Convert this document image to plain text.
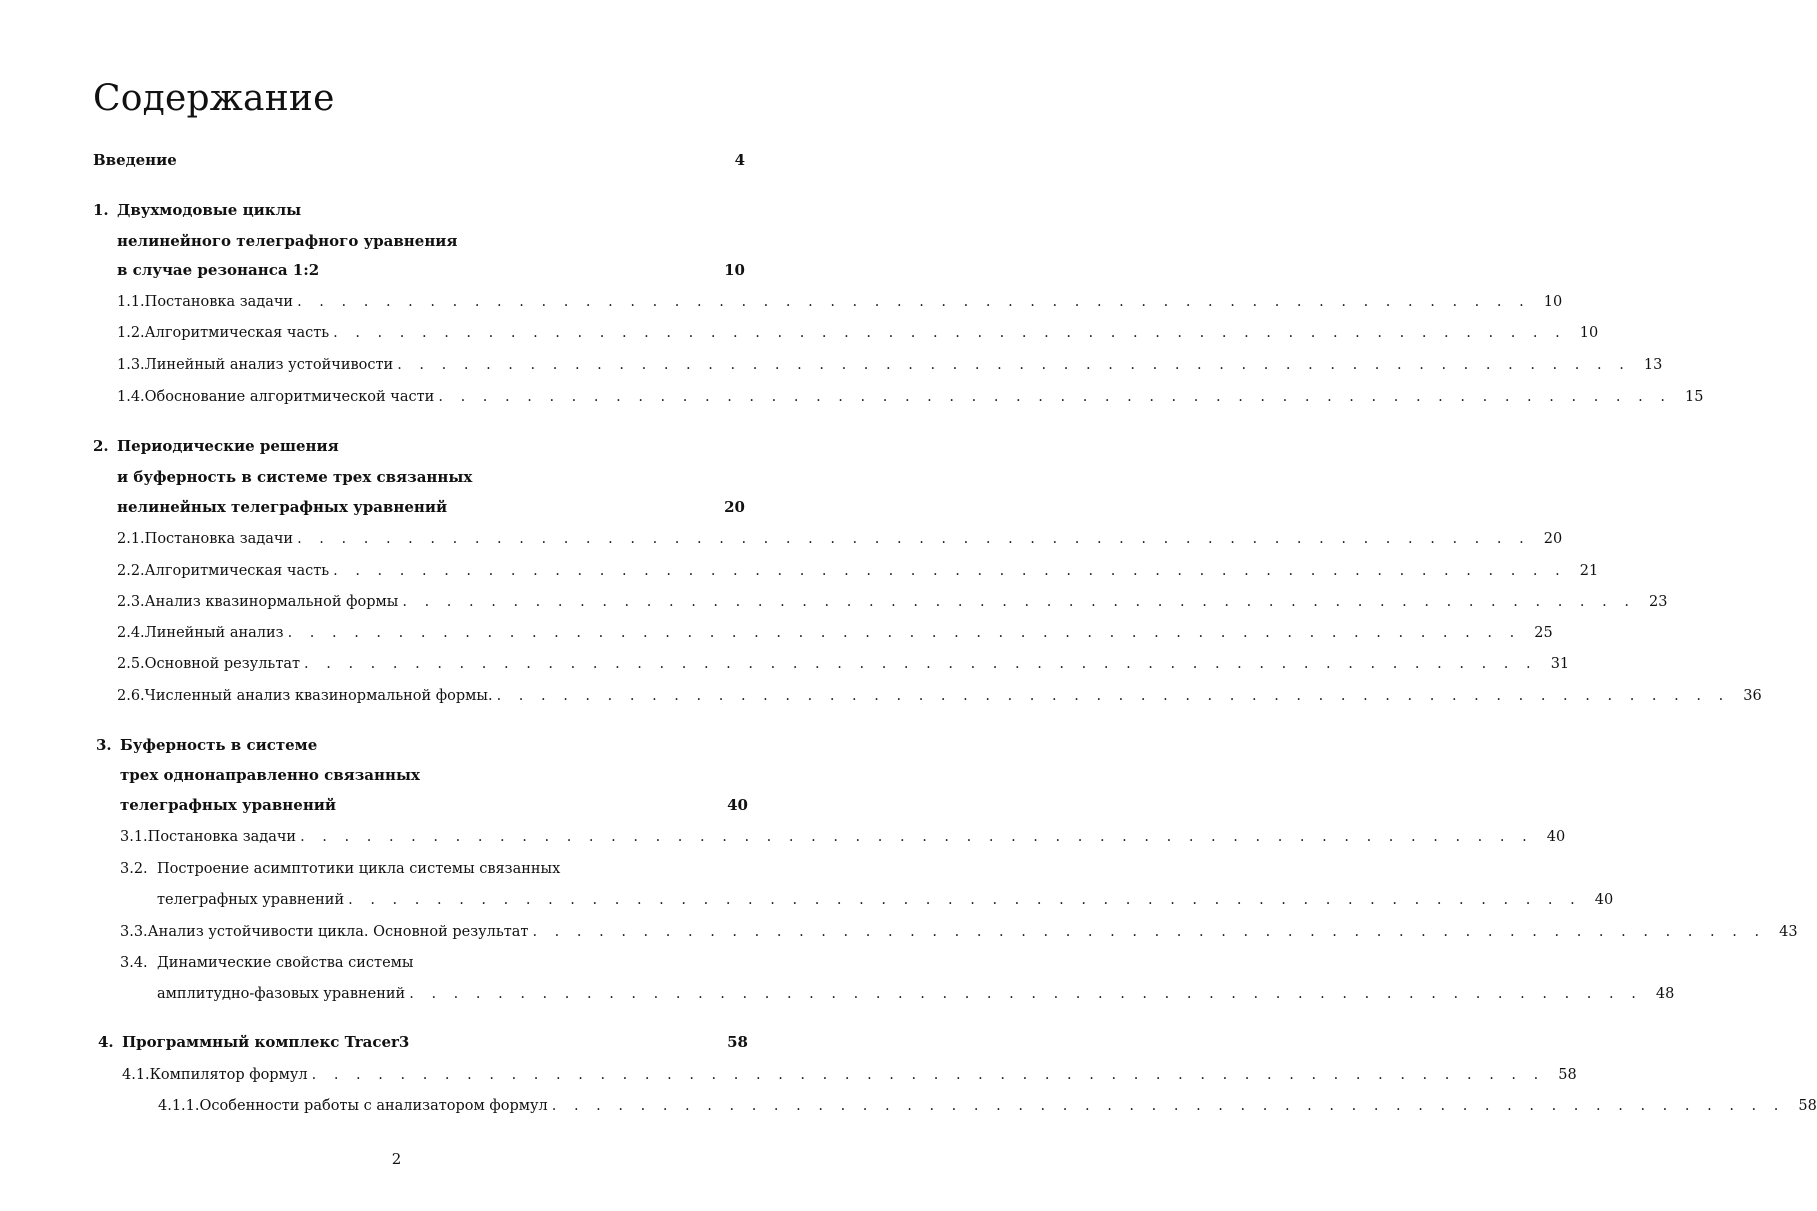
Содержание
Введение	4
1. Двухмодовые циклы
нелинейного телеграфного уравнения
в случае резонанса 1:2	10
1.1. Постановка задачи . . . . . . . . . . . . . . . . . . . . . . . . . . . . . . . . . . . . . . . . . . . . . . . . . . . . . . . . 10
1.2. Алгоритмическая часть . . . . . . . . . . . . . . . . . . . . . . . . . . . . . . . . . . . . . . . . . . . . . . . . . . . . . . . . 10
1.3. Линейный анализ устойчивости . . . . . . . . . . . . . . . . . . . . . . . . . . . . . . . . . . . . . . . . . . . . . . . . . . . . . . . . 13
1.4. Обоснование алгоритмической части . . . . . . . . . . . . . . . . . . . . . . . . . . . . . . . . . . . . . . . . . . . . . . . . . . . . . . . . 15
2. Периодические решения
и буферность в системе трех связанных
нелинейных телеграфных уравнений	20
2.1. Постановка задачи . . . . . . . . . . . . . . . . . . . . . . . . . . . . . . . . . . . . . . . . . . . . . . . . . . . . . . . . 20
2.2. Алгоритмическая часть . . . . . . . . . . . . . . . . . . . . . . . . . . . . . . . . . . . . . . . . . . . . . . . . . . . . . . . . 21
2.3. Анализ квазинормальной формы . . . . . . . . . . . . . . . . . . . . . . . . . . . . . . . . . . . . . . . . . . . . . . . . . . . . . . . . 23
2.4. Линейный анализ . . . . . . . . . . . . . . . . . . . . . . . . . . . . . . . . . . . . . . . . . . . . . . . . . . . . . . . . 25
2.5. Основной результат . . . . . . . . . . . . . . . . . . . . . . . . . . . . . . . . . . . . . . . . . . . . . . . . . . . . . . . . 31
2.6. Численный анализ квазинормальной формы. . . . . . . . . . . . . . . . . . . . . . . . . . . . . . . . . . . . . . . . . . . . . . . . . . . . . . . . . 36
3. Буферность в системе
трех однонаправленно связанных
телеграфных уравнений	40
3.1. Постановка задачи . . . . . . . . . . . . . . . . . . . . . . . . . . . . . . . . . . . . . . . . . . . . . . . . . . . . . . . . 40
3.2. Построение асимптотики цикла системы связанных
телеграфных уравнений . . . . . . . . . . . . . . . . . . . . . . . . . . . . . . . . . . . . . . . . . . . . . . . . . . . . . . . . 40
3.3. Анализ устойчивости цикла. Основной результат . . . . . . . . . . . . . . . . . . . . . . . . . . . . . . . . . . . . . . . . . . . . . . . . . . . . . . . . 43
3.4. Динамические свойства системы
амплитудно-фазовых уравнений . . . . . . . . . . . . . . . . . . . . . . . . . . . . . . . . . . . . . . . . . . . . . . . . . . . . . . . . 48
4. Программный комплекс Tracer3	58
4.1. Компилятор формул . . . . . . . . . . . . . . . . . . . . . . . . . . . . . . . . . . . . . . . . . . . . . . . . . . . . . . . . 58
4.1.1. Особенности работы с анализатором формул . . . . . . . . . . . . . . . . . . . . . . . . . . . . . . . . . . . . . . . . . . . . . . . . . . . . . . . . 58
2
